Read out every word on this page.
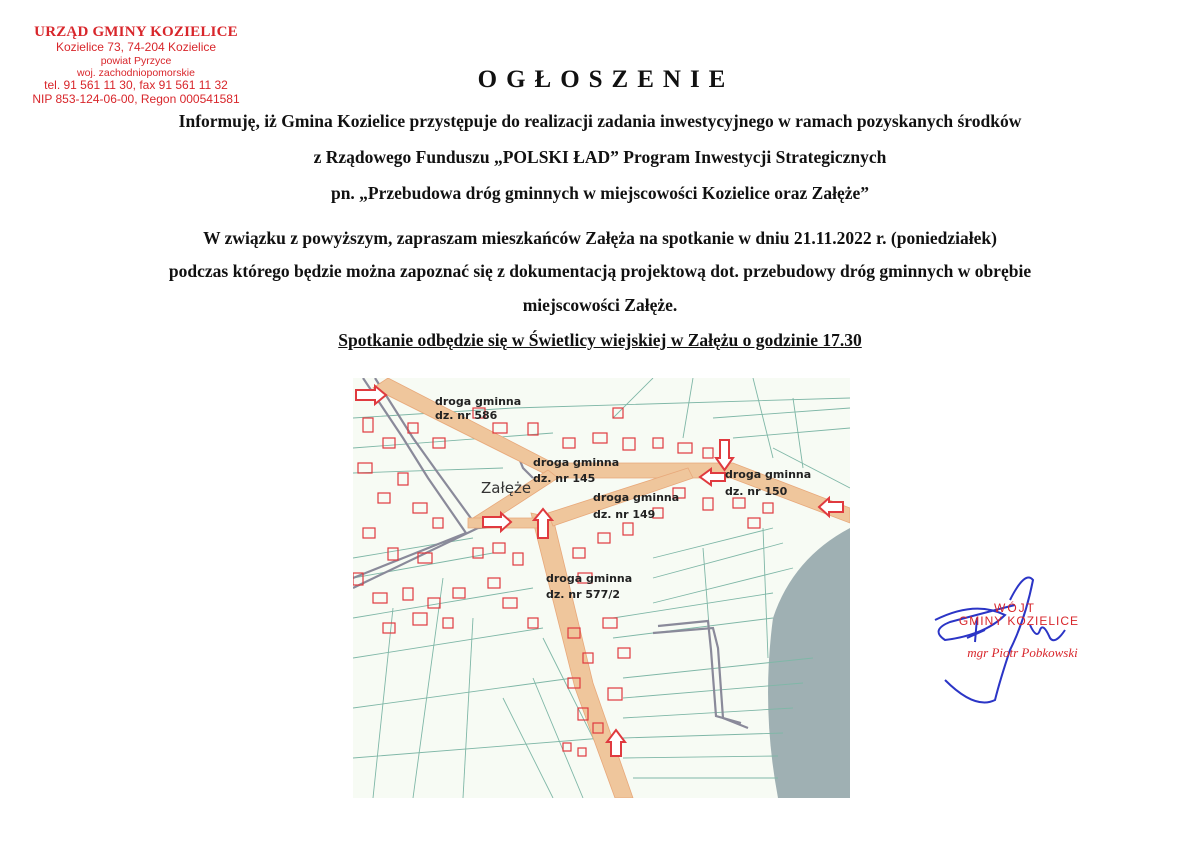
URZĄD GMINY KOZIELICE
Kozielice 73, 74-204 Kozielice
powiat Pyrzyce
woj. zachodniopomorskie
tel. 91 561 11 30, fax 91 561 11 32
NIP 853-124-06-00, Regon 000541581
OGŁOSZENIE
Informuję, iż Gmina Kozielice przystępuje do realizacji zadania inwestycyjnego w ramach pozyskanych środków
z Rządowego Funduszu „POLSKI ŁAD” Program Inwestycji Strategicznych
pn. „Przebudowa dróg gminnych w miejscowości Kozielice oraz Załęże”
W związku z powyższym, zapraszam mieszkańców Załęża na spotkanie w dniu 21.11.2022 r. (poniedziałek)
podczas którego będzie można zapoznać się z dokumentacją projektową dot. przebudowy dróg gminnych w obrębie
miejscowości Załęże.
Spotkanie odbędzie się w Świetlicy wiejskiej w Załężu o godzinie 17.30
Załęże
droga gminna
dz. nr 586
droga gminna
dz. nr 145
droga gminna
dz. nr 149
droga gminna
dz. nr 150
droga gminna
dz. nr 577/2
WÓJT
GMINY KOZIELICE
mgr Piotr Pobkowski
